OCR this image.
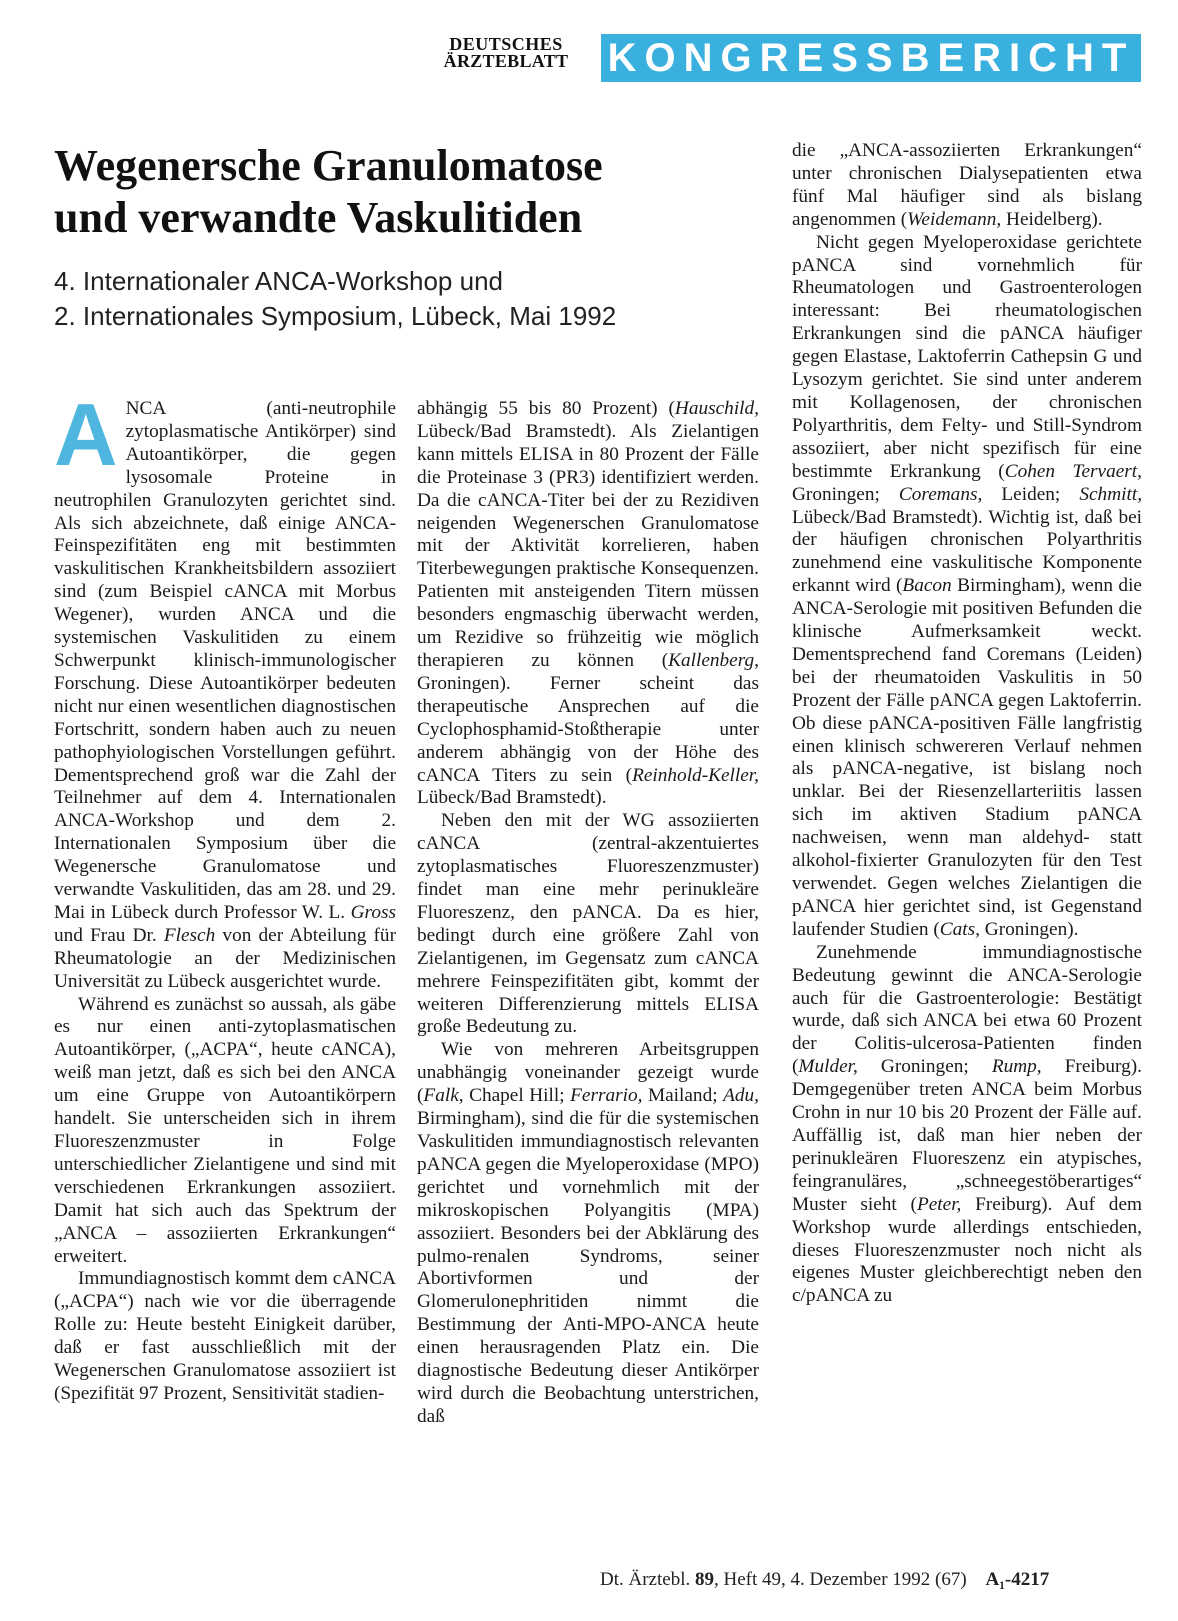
DEUTSCHES
ÄRZTEBLATT KONGRESSBERICHT
Wegenersche Granulomatose
und verwandte Vaskulitiden
4. Internationaler ANCA-Workshop und
2. Internationales Symposium, Lübeck, Mai 1992

ANCA (anti-neutrophile zytoplasmatische Antikörper) sind Autoantikörper, die gegen lysosomale Proteine in neutrophilen Granulozyten gerichtet sind. Als sich abzeichnete, daß einige ANCA-Feinspezifitäten eng mit bestimmten vaskulitischen Krankheitsbildern assoziiert sind (zum Beispiel cANCA mit Morbus Wegener), wurden ANCA und die systemischen Vaskulitiden zu einem Schwerpunkt klinisch-immunologischer Forschung. Diese Autoantikörper bedeuten nicht nur einen wesentlichen diagnostischen Fortschritt, sondern haben auch zu neuen pathophyiologischen Vorstellungen geführt. Dementsprechend groß war die Zahl der Teilnehmer auf dem 4. Internationalen ANCA-Workshop und dem 2. Internationalen Symposium über die Wegenersche Granulomatose und verwandte Vaskulitiden, das am 28. und 29. Mai in Lübeck durch Professor W. L. Gross und Frau Dr. Flesch von der Abteilung für Rheumatologie an der Medizinischen Universität zu Lübeck ausgerichtet wurde.

Während es zunächst so aussah, als gäbe es nur einen anti-zytoplasmatischen Autoantikörper, („ACPA“, heute cANCA), weiß man jetzt, daß es sich bei den ANCA um eine Gruppe von Autoantikörpern handelt. Sie unterscheiden sich in ihrem Fluoreszenzmuster in Folge unterschiedlicher Zielantigene und sind mit verschiedenen Erkrankungen assoziiert. Damit hat sich auch das Spektrum der „ANCA – assoziierten Erkrankungen“ erweitert.

Immundiagnostisch kommt dem cANCA („ACPA“) nach wie vor die überragende Rolle zu: Heute besteht Einigkeit darüber, daß er fast ausschließlich mit der Wegenerschen Granulomatose assoziiert ist (Spezifität 97 Prozent, Sensitivität stadien-

abhängig 55 bis 80 Prozent) (Hauschild, Lübeck/Bad Bramstedt). Als Zielantigen kann mittels ELISA in 80 Prozent der Fälle die Proteinase 3 (PR3) identifiziert werden. Da die cANCA-Titer bei der zu Rezidiven neigenden Wegenerschen Granulomatose mit der Aktivität korrelieren, haben Titerbewegungen praktische Konsequenzen. Patienten mit ansteigenden Titern müssen besonders engmaschig überwacht werden, um Rezidive so frühzeitig wie möglich therapieren zu können (Kallenberg, Groningen). Ferner scheint das therapeutische Ansprechen auf die Cyclophosphamid-Stoßtherapie unter anderem abhängig von der Höhe des cANCA Titers zu sein (Reinhold-Keller, Lübeck/Bad Bramstedt).

Neben den mit der WG assoziierten cANCA (zentral-akzentuiertes zytoplasmatisches Fluoreszenzmuster) findet man eine mehr perinukleäre Fluoreszenz, den pANCA. Da es hier, bedingt durch eine größere Zahl von Zielantigenen, im Gegensatz zum cANCA mehrere Feinspezifitäten gibt, kommt der weiteren Differenzierung mittels ELISA große Bedeutung zu.

Wie von mehreren Arbeitsgruppen unabhängig voneinander gezeigt wurde (Falk, Chapel Hill; Ferrario, Mailand; Adu, Birmingham), sind die für die systemischen Vaskulitiden immundiagnostisch relevanten pANCA gegen die Myeloperoxidase (MPO) gerichtet und vornehmlich mit der mikroskopischen Polyangitis (MPA) assoziiert. Besonders bei der Abklärung des pulmo-renalen Syndroms, seiner Abortivformen und der Glomerulonephritiden nimmt die Bestimmung der Anti-MPO-ANCA heute einen herausragenden Platz ein. Die diagnostische Bedeutung dieser Antikörper wird durch die Beobachtung unterstrichen, daß

die „ANCA-assoziierten Erkrankungen“ unter chronischen Dialysepatienten etwa fünf Mal häufiger sind als bislang angenommen (Weidemann, Heidelberg).

Nicht gegen Myeloperoxidase gerichtete pANCA sind vornehmlich für Rheumatologen und Gastroenterologen interessant: Bei rheumatologischen Erkrankungen sind die pANCA häufiger gegen Elastase, Laktoferrin Cathepsin G und Lysozym gerichtet. Sie sind unter anderem mit Kollagenosen, der chronischen Polyarthritis, dem Felty- und Still-Syndrom assoziiert, aber nicht spezifisch für eine bestimmte Erkrankung (Cohen Tervaert, Groningen; Coremans, Leiden; Schmitt, Lübeck/Bad Bramstedt). Wichtig ist, daß bei der häufigen chronischen Polyarthritis zunehmend eine vaskulitische Komponente erkannt wird (Bacon Birmingham), wenn die ANCA-Serologie mit positiven Befunden die klinische Aufmerksamkeit weckt. Dementsprechend fand Coremans (Leiden) bei der rheumatoiden Vaskulitis in 50 Prozent der Fälle pANCA gegen Laktoferrin. Ob diese pANCA-positiven Fälle langfristig einen klinisch schwereren Verlauf nehmen als pANCA-negative, ist bislang noch unklar. Bei der Riesenzellarteriitis lassen sich im aktiven Stadium pANCA nachweisen, wenn man aldehyd- statt alkohol-fixierter Granulozyten für den Test verwendet. Gegen welches Zielantigen die pANCA hier gerichtet sind, ist Gegenstand laufender Studien (Cats, Groningen).

Zunehmende immundiagnostische Bedeutung gewinnt die ANCA-Serologie auch für die Gastroenterologie: Bestätigt wurde, daß sich ANCA bei etwa 60 Prozent der Colitis-ulcerosa-Patienten finden (Mulder, Groningen; Rump, Freiburg). Demgegenüber treten ANCA beim Morbus Crohn in nur 10 bis 20 Prozent der Fälle auf. Auffällig ist, daß man hier neben der perinukleären Fluoreszenz ein atypisches, feingranuläres, „schneegestöberartiges“ Muster sieht (Peter, Freiburg). Auf dem Workshop wurde allerdings entschieden, dieses Fluoreszenzmuster noch nicht als eigenes Muster gleichberechtigt neben den c/pANCA zu

Dt. Ärztebl. 89, Heft 49, 4. Dezember 1992 (67) A₁-4217
